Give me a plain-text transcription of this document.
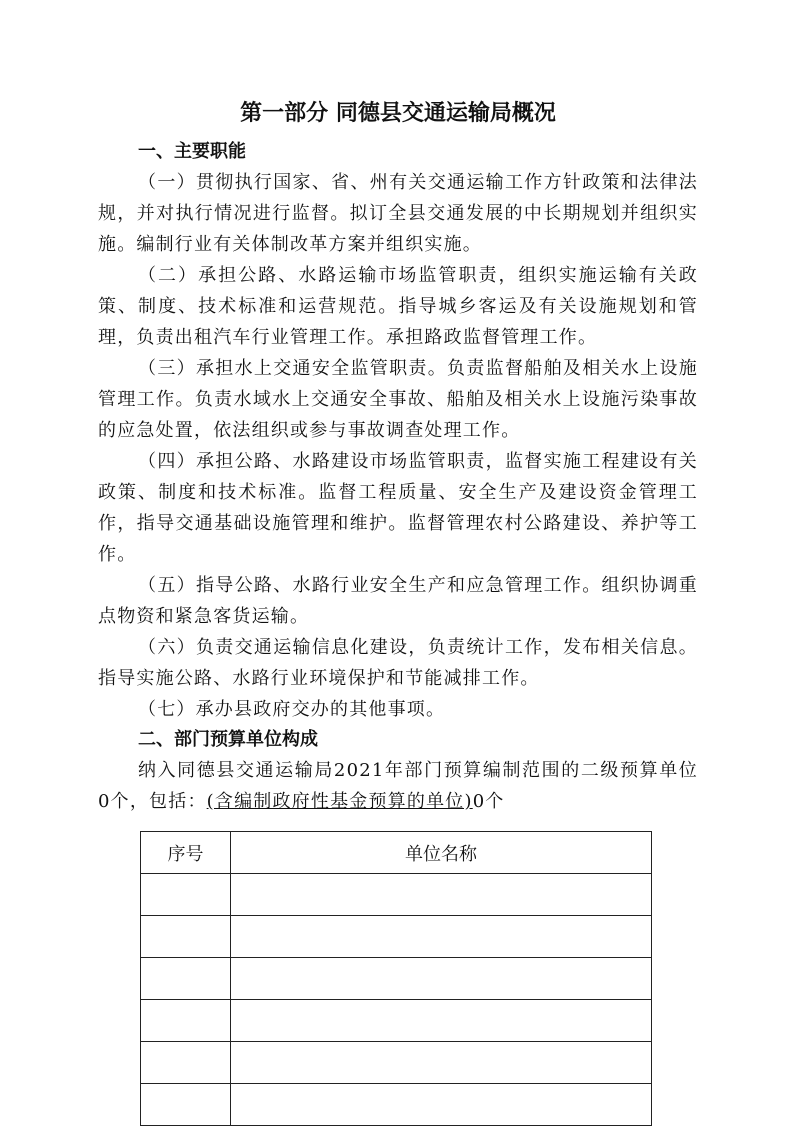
第一部分 同德县交通运输局概况
一、主要职能

（一）贯彻执行国家、省、州有关交通运输工作方针政策和法律法规，并对执行情况进行监督。拟订全县交通发展的中长期规划并组织实施。编制行业有关体制改革方案并组织实施。

（二）承担公路、水路运输市场监管职责，组织实施运输有关政策、制度、技术标准和运营规范。指导城乡客运及有关设施规划和管理，负责出租汽车行业管理工作。承担路政监督管理工作。

（三）承担水上交通安全监管职责。负责监督船舶及相关水上设施管理工作。负责水域水上交通安全事故、船舶及相关水上设施污染事故的应急处置，依法组织或参与事故调查处理工作。

（四）承担公路、水路建设市场监管职责，监督实施工程建设有关政策、制度和技术标准。监督工程质量、安全生产及建设资金管理工作，指导交通基础设施管理和维护。监督管理农村公路建设、养护等工作。

（五）指导公路、水路行业安全生产和应急管理工作。组织协调重点物资和紧急客货运输。

（六）负责交通运输信息化建设，负责统计工作，发布相关信息。指导实施公路、水路行业环境保护和节能减排工作。

（七）承办县政府交办的其他事项。

二、部门预算单位构成

纳入同德县交通运输局2021年部门预算编制范围的二级预算单位0个，包括：(含编制政府性基金预算的单位)0个

序号	单位名称
